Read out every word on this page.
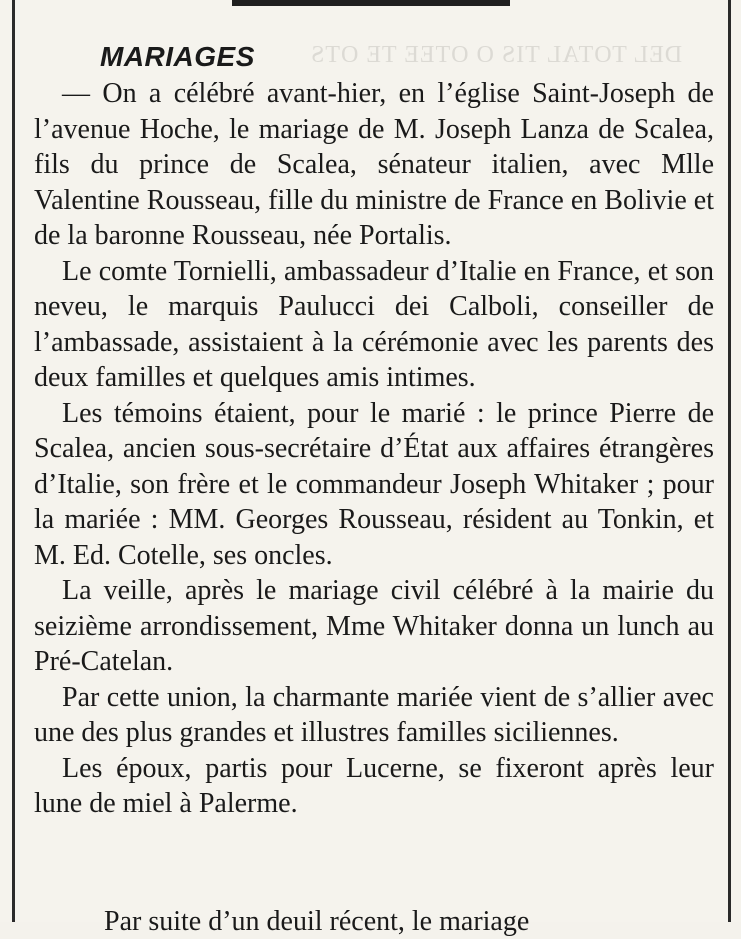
DEL TOTAL TIS O OTEE TE OTS
MARIAGES

— On a célébré avant-hier, en l’église Saint-Joseph de l’avenue Hoche, le mariage de M. Joseph Lanza de Scalea, fils du prince de Scalea, sénateur italien, avec Mlle Valentine Rousseau, fille du ministre de France en Bolivie et de la baronne Rousseau, née Portalis.

Le comte Tornielli, ambassadeur d’Italie en France, et son neveu, le marquis Paulucci dei Calboli, conseiller de l’ambassade, assistaient à la cérémonie avec les parents des deux familles et quelques amis intimes.

Les témoins étaient, pour le marié : le prince Pierre de Scalea, ancien sous-secrétaire d’État aux affaires étrangères d’Italie, son frère et le commandeur Joseph Whitaker ; pour la mariée : MM. Georges Rousseau, résident au Tonkin, et M. Ed. Cotelle, ses oncles.

La veille, après le mariage civil célébré à la mairie du seizième arrondissement, Mme Whitaker donna un lunch au Pré-Catelan.

Par cette union, la charmante mariée vient de s’allier avec une des plus grandes et illustres familles siciliennes.

Les époux, partis pour Lucerne, se fixeront après leur lune de miel à Palerme.

Par suite d’un deuil récent, le mariage
